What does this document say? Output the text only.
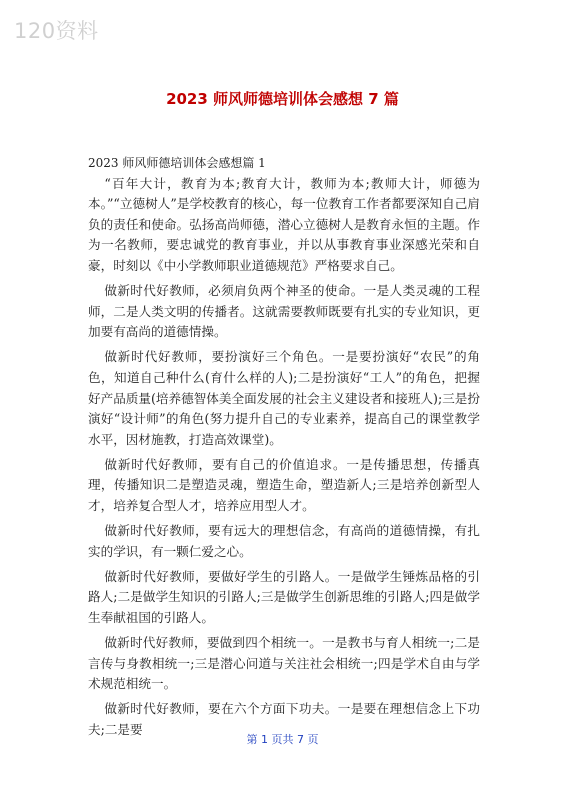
120资料
2023 师风师德培训体会感想 7 篇

2023 师风师德培训体会感想篇 1

“百年大计，教育为本;教育大计，教师为本;教师大计，师德为本。”“立德树人”是学校教育的核心，每一位教育工作者都要深知自己肩负的责任和使命。弘扬高尚师德，潜心立德树人是教育永恒的主题。作为一名教师，要忠诚党的教育事业，并以从事教育事业深感光荣和自豪，时刻以《中小学教师职业道德规范》严格要求自己。

做新时代好教师，必须肩负两个神圣的使命。一是人类灵魂的工程师，二是人类文明的传播者。这就需要教师既要有扎实的专业知识，更加要有高尚的道德情操。

做新时代好教师，要扮演好三个角色。一是要扮演好“农民”的角色，知道自己种什么(育什么样的人);二是扮演好“工人”的角色，把握好产品质量(培养德智体美全面发展的社会主义建设者和接班人);三是扮演好“设计师”的角色(努力提升自己的专业素养，提高自己的课堂教学水平，因材施教，打造高效课堂)。

做新时代好教师，要有自己的价值追求。一是传播思想，传播真理，传播知识二是塑造灵魂，塑造生命，塑造新人;三是培养创新型人才，培养复合型人才，培养应用型人才。

做新时代好教师，要有远大的理想信念，有高尚的道德情操，有扎实的学识，有一颗仁爱之心。

做新时代好教师，要做好学生的引路人。一是做学生锤炼品格的引路人;二是做学生知识的引路人;三是做学生创新思维的引路人;四是做学生奉献祖国的引路人。

做新时代好教师，要做到四个相统一。一是教书与育人相统一;二是言传与身教相统一;三是潜心问道与关注社会相统一;四是学术自由与学术规范相统一。

做新时代好教师，要在六个方面下功夫。一是要在理想信念上下功夫;二是要

第 1 页共 7 页
